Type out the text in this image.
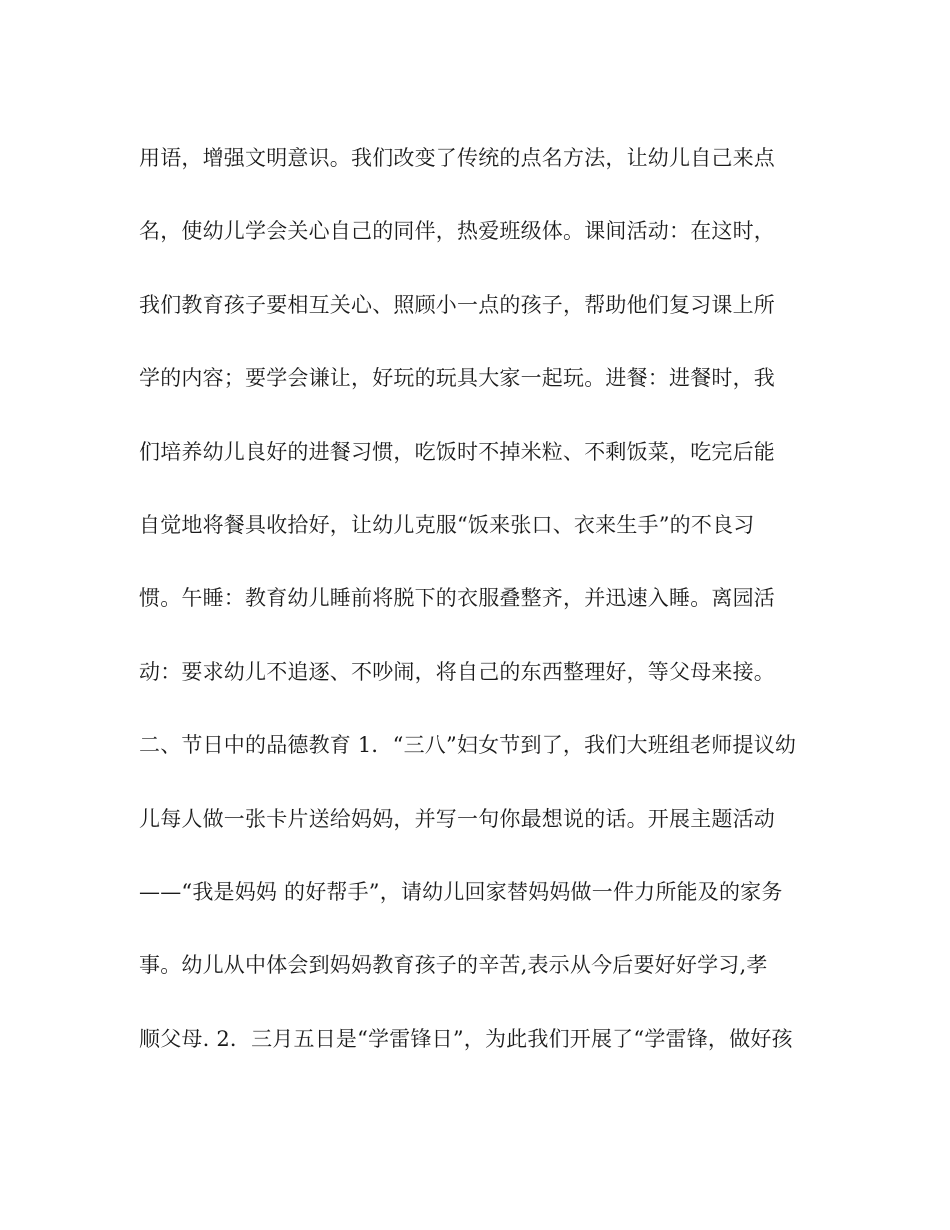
用语，增强文明意识。我们改变了传统的点名方法，让幼儿自己来点
名，使幼儿学会关心自己的同伴，热爱班级体。课间活动：在这时，
我们教育孩子要相互关心、照顾小一点的孩子，帮助他们复习课上所
学的内容；要学会谦让，好玩的玩具大家一起玩。进餐：进餐时，我
们培养幼儿良好的进餐习惯，吃饭时不掉米粒、不剩饭菜，吃完后能
自觉地将餐具收拾好，让幼儿克服“饭来张口、衣来生手”的不良习
惯。午睡：教育幼儿睡前将脱下的衣服叠整齐，并迅速入睡。离园活
动：要求幼儿不追逐、不吵闹，将自己的东西整理好，等父母来接。
二、节日中的品德教育 1．“三八”妇女节到了，我们大班组老师提议幼
儿每人做一张卡片送给妈妈，并写一句你最想说的话。开展主题活动
——“我是妈妈 的好帮手”，请幼儿回家替妈妈做一件力所能及的家务
事。幼儿从中体会到妈妈教育孩子的辛苦,表示从今后要好好学习,孝
顺父母. 2．三月五日是“学雷锋日”，为此我们开展了“学雷锋，做好孩
